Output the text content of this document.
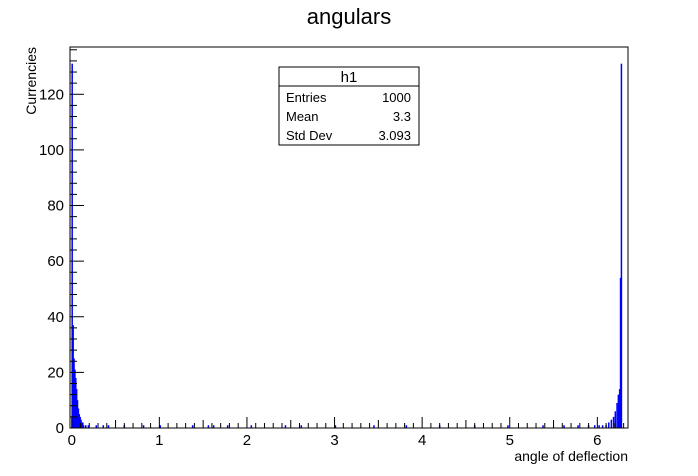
0	1	2	3	4	5	6
0
20
40
60
80
100
120
angulars
angle of deflection
Currencies	h1
Entries	1000
Mean	3.3
Std Dev	3.093
